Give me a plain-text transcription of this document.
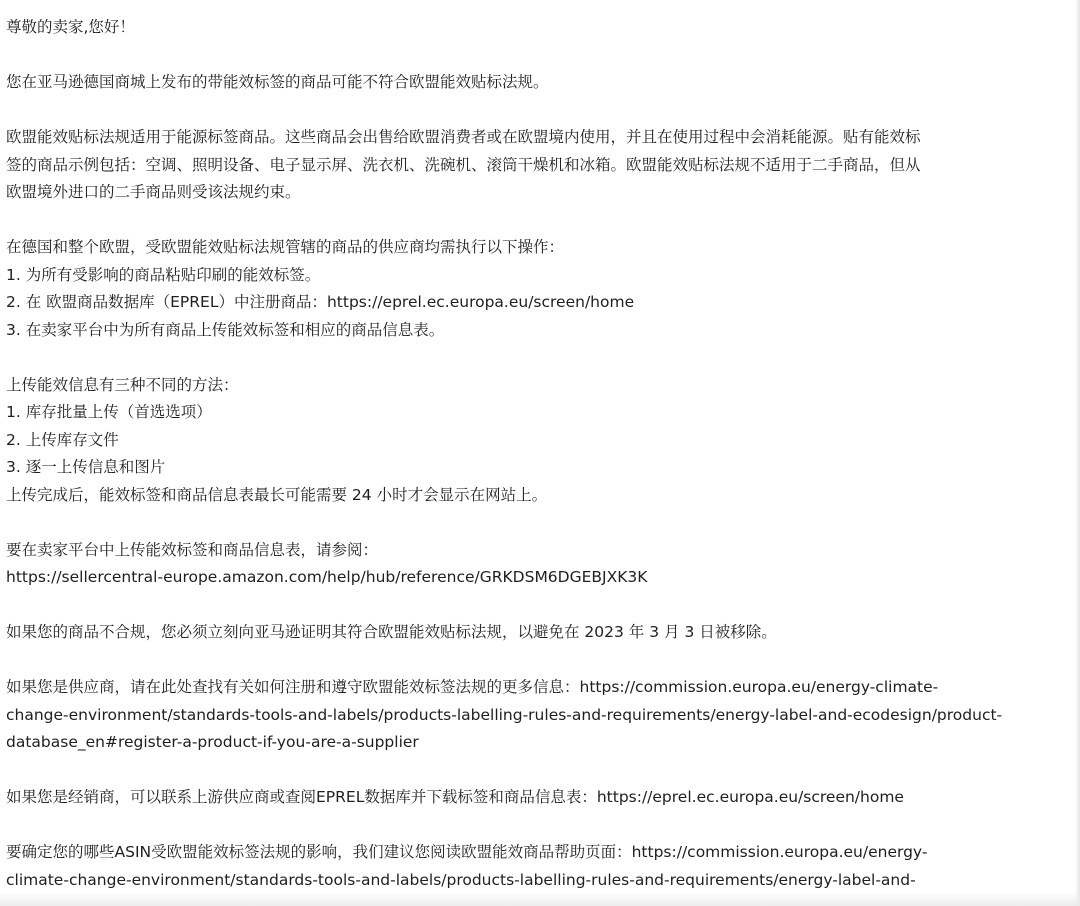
尊敬的卖家,您好！
您在亚马逊德国商城上发布的带能效标签的商品可能不符合欧盟能效贴标法规。
欧盟能效贴标法规适用于能源标签商品。这些商品会出售给欧盟消费者或在欧盟境内使用，并且在使用过程中会消耗能源。贴有能效标
签的商品示例包括：空调、照明设备、电子显示屏、洗衣机、洗碗机、滚筒干燥机和冰箱。欧盟能效贴标法规不适用于二手商品，但从
欧盟境外进口的二手商品则受该法规约束。
在德国和整个欧盟，受欧盟能效贴标法规管辖的商品的供应商均需执行以下操作：
1. 为所有受影响的商品粘贴印刷的能效标签。
2. 在 欧盟商品数据库（EPREL）中注册商品：https://eprel.ec.europa.eu/screen/home
3. 在卖家平台中为所有商品上传能效标签和相应的商品信息表。
上传能效信息有三种不同的方法：
1. 库存批量上传（首选选项）
2. 上传库存文件
3. 逐一上传信息和图片
上传完成后，能效标签和商品信息表最长可能需要 24 小时才会显示在网站上。
要在卖家平台中上传能效标签和商品信息表，请参阅：
https://sellercentral-europe.amazon.com/help/hub/reference/GRKDSM6DGEBJXK3K
如果您的商品不合规，您必须立刻向亚马逊证明其符合欧盟能效贴标法规，以避免在 2023 年 3 月 3 日被移除。
如果您是供应商，请在此处查找有关如何注册和遵守欧盟能效标签法规的更多信息：https://commission.europa.eu/energy-climate-
change-environment/standards-tools-and-labels/products-labelling-rules-and-requirements/energy-label-and-ecodesign/product-
database_en#register-a-product-if-you-are-a-supplier
如果您是经销商，可以联系上游供应商或查阅EPREL数据库并下载标签和商品信息表：https://eprel.ec.europa.eu/screen/home
要确定您的哪些ASIN受欧盟能效标签法规的影响，我们建议您阅读欧盟能效商品帮助页面：https://commission.europa.eu/energy-
climate-change-environment/standards-tools-and-labels/products-labelling-rules-and-requirements/energy-label-and-
